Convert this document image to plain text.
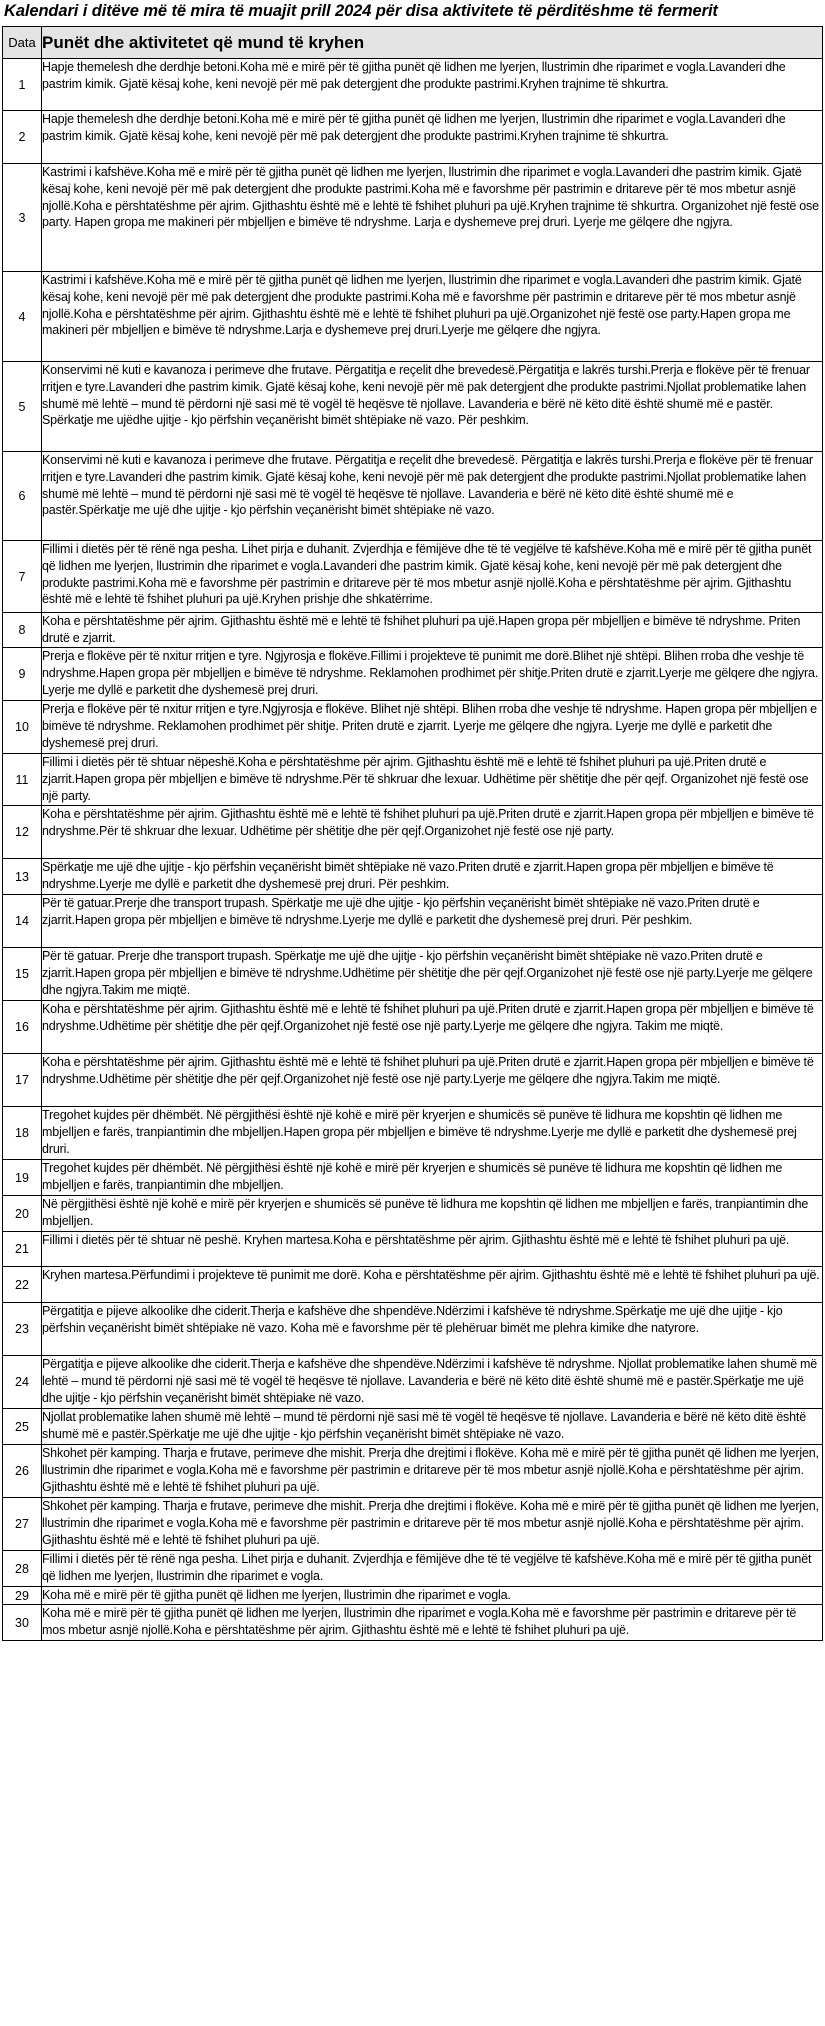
Kalendari i ditëve më të mira të muajit prill 2024 për disa aktivitete të përditëshme të fermerit
Data	Punët dhe aktivitetet që mund të kryhen
1	Hapje themelesh dhe derdhje betoni.Koha më e mirë për të gjitha punët që lidhen me lyerjen, llustrimin dhe riparimet e vogla.Lavanderi dhe pastrim kimik. Gjatë kësaj kohe, keni nevojë për më pak detergjent dhe produkte pastrimi.Kryhen trajnime të shkurtra.
2	Hapje themelesh dhe derdhje betoni.Koha më e mirë për të gjitha punët që lidhen me lyerjen, llustrimin dhe riparimet e vogla.Lavanderi dhe pastrim kimik. Gjatë kësaj kohe, keni nevojë për më pak detergjent dhe produkte pastrimi.Kryhen trajnime të shkurtra.
3	Kastrimi i kafshëve.Koha më e mirë për të gjitha punët që lidhen me lyerjen, llustrimin dhe riparimet e vogla.Lavanderi dhe pastrim kimik. Gjatë kësaj kohe, keni nevojë për më pak detergjent dhe produkte pastrimi.Koha më e favorshme për pastrimin e dritareve për të mos mbetur asnjë njollë.Koha e përshtatëshme për ajrim. Gjithashtu është më e lehtë të fshihet pluhuri pa ujë.Kryhen trajnime të shkurtra. Organizohet një festë ose party. Hapen gropa me makineri për mbjelljen e bimëve të ndryshme. Larja e dyshemeve prej druri. Lyerje me gëlqere dhe ngjyra.
4	Kastrimi i kafshëve.Koha më e mirë për të gjitha punët që lidhen me lyerjen, llustrimin dhe riparimet e vogla.Lavanderi dhe pastrim kimik. Gjatë kësaj kohe, keni nevojë për më pak detergjent dhe produkte pastrimi.Koha më e favorshme për pastrimin e dritareve për të mos mbetur asnjë njollë.Koha e përshtatëshme për ajrim. Gjithashtu është më e lehtë të fshihet pluhuri pa ujë.Organizohet një festë ose party.Hapen gropa me makineri për mbjelljen e bimëve të ndryshme.Larja e dyshemeve prej druri.Lyerje me gëlqere dhe ngjyra.
5	Konservimi në kuti e kavanoza i perimeve dhe frutave. Përgatitja e reçelit dhe brevedesë.Përgatitja e lakrës turshi.Prerja e flokëve për të frenuar rritjen e tyre.Lavanderi dhe pastrim kimik. Gjatë kësaj kohe, keni nevojë për më pak detergjent dhe produkte pastrimi.Njollat problematike lahen shumë më lehtë – mund të përdorni një sasi më të vogël të heqësve të njollave. Lavanderia e bërë në këto ditë është shumë më e pastër. Spërkatje me ujëdhe ujitje - kjo përfshin veçanërisht bimët shtëpiake në vazo. Për peshkim.
6	Konservimi në kuti e kavanoza i perimeve dhe frutave. Përgatitja e reçelit dhe brevedesë. Përgatitja e lakrës turshi.Prerja e flokëve për të frenuar rritjen e tyre.Lavanderi dhe pastrim kimik. Gjatë kësaj kohe, keni nevojë për më pak detergjent dhe produkte pastrimi.Njollat problematike lahen shumë më lehtë – mund të përdorni një sasi më të vogël të heqësve të njollave. Lavanderia e bërë në këto ditë është shumë më e pastër.Spërkatje me ujë dhe ujitje - kjo përfshin veçanërisht bimët shtëpiake në vazo.
7	Fillimi i dietës për të rënë nga pesha. Lihet pirja e duhanit. Zvjerdhja e fëmijëve dhe të të vegjëlve të kafshëve.Koha më e mirë për të gjitha punët që lidhen me lyerjen, llustrimin dhe riparimet e vogla.Lavanderi dhe pastrim kimik. Gjatë kësaj kohe, keni nevojë për më pak detergjent dhe produkte pastrimi.Koha më e favorshme për pastrimin e dritareve për të mos mbetur asnjë njollë.Koha e përshtatëshme për ajrim. Gjithashtu është më e lehtë të fshihet pluhuri pa ujë.Kryhen prishje dhe shkatërrime.
8	Koha e përshtatëshme për ajrim. Gjithashtu është më e lehtë të fshihet pluhuri pa ujë.Hapen gropa për mbjelljen e bimëve të ndryshme. Priten drutë e zjarrit.
9	Prerja e flokëve për të nxitur rritjen e tyre. Ngjyrosja e flokëve.Fillimi i projekteve të punimit me dorë.Blihet një shtëpi. Blihen rroba dhe veshje të ndryshme.Hapen gropa për mbjelljen e bimëve të ndryshme. Reklamohen prodhimet për shitje.Priten drutë e zjarrit.Lyerje me gëlqere dhe ngjyra. Lyerje me dyllë e parketit dhe dyshemesë prej druri.
10	Prerja e flokëve për të nxitur rritjen e tyre.Ngjyrosja e flokëve. Blihet një shtëpi. Blihen rroba dhe veshje të ndryshme. Hapen gropa për mbjelljen e bimëve të ndryshme. Reklamohen prodhimet për shitje. Priten drutë e zjarrit. Lyerje me gëlqere dhe ngjyra. Lyerje me dyllë e parketit dhe dyshemesë prej druri.
11	Fillimi i dietës për të shtuar nëpeshë.Koha e përshtatëshme për ajrim. Gjithashtu është më e lehtë të fshihet pluhuri pa ujë.Priten drutë e zjarrit.Hapen gropa për mbjelljen e bimëve të ndryshme.Për të shkruar dhe lexuar. Udhëtime për shëtitje dhe për qejf. Organizohet një festë ose një party.
12	Koha e përshtatëshme për ajrim. Gjithashtu është më e lehtë të fshihet pluhuri pa ujë.Priten drutë e zjarrit.Hapen gropa për mbjelljen e bimëve të ndryshme.Për të shkruar dhe lexuar. Udhëtime për shëtitje dhe për qejf.Organizohet një festë ose një party.
13	Spërkatje me ujë dhe ujitje - kjo përfshin veçanërisht bimët shtëpiake në vazo.Priten drutë e zjarrit.Hapen gropa për mbjelljen e bimëve të ndryshme.Lyerje me dyllë e parketit dhe dyshemesë prej druri. Për peshkim.
14	Për të gatuar.Prerje dhe transport trupash. Spërkatje me ujë dhe ujitje - kjo përfshin veçanërisht bimët shtëpiake në vazo.Priten drutë e zjarrit.Hapen gropa për mbjelljen e bimëve të ndryshme.Lyerje me dyllë e parketit dhe dyshemesë prej druri. Për peshkim.
15	Për të gatuar. Prerje dhe transport trupash. Spërkatje me ujë dhe ujitje - kjo përfshin veçanërisht bimët shtëpiake në vazo.Priten drutë e zjarrit.Hapen gropa për mbjelljen e bimëve të ndryshme.Udhëtime për shëtitje dhe për qejf.Organizohet një festë ose një party.Lyerje me gëlqere dhe ngjyra.Takim me miqtë.
16	Koha e përshtatëshme për ajrim. Gjithashtu është më e lehtë të fshihet pluhuri pa ujë.Priten drutë e zjarrit.Hapen gropa për mbjelljen e bimëve të ndryshme.Udhëtime për shëtitje dhe për qejf.Organizohet një festë ose një party.Lyerje me gëlqere dhe ngjyra. Takim me miqtë.
17	Koha e përshtatëshme për ajrim. Gjithashtu është më e lehtë të fshihet pluhuri pa ujë.Priten drutë e zjarrit.Hapen gropa për mbjelljen e bimëve të ndryshme.Udhëtime për shëtitje dhe për qejf.Organizohet një festë ose një party.Lyerje me gëlqere dhe ngjyra.Takim me miqtë.
18	Tregohet kujdes për dhëmbët. Në përgjithësi është një kohë e mirë për kryerjen e shumicës së punëve të lidhura me kopshtin që lidhen me mbjelljen e farës, tranpiantimin dhe mbjelljen.Hapen gropa për mbjelljen e bimëve të ndryshme.Lyerje me dyllë e parketit dhe dyshemesë prej druri.
19	Tregohet kujdes për dhëmbët. Në përgjithësi është një kohë e mirë për kryerjen e shumicës së punëve të lidhura me kopshtin që lidhen me mbjelljen e farës, tranpiantimin dhe mbjelljen.
20	Në përgjithësi është një kohë e mirë për kryerjen e shumicës së punëve të lidhura me kopshtin që lidhen me mbjelljen e farës, tranpiantimin dhe mbjelljen.
21	Fillimi i dietës për të shtuar në peshë. Kryhen martesa.Koha e përshtatëshme për ajrim. Gjithashtu është më e lehtë të fshihet pluhuri pa ujë.
22	Kryhen martesa.Përfundimi i projekteve të punimit me dorë. Koha e përshtatëshme për ajrim. Gjithashtu është më e lehtë të fshihet pluhuri pa ujë.
23	Përgatitja e pijeve alkoolike dhe ciderit.Therja e kafshëve dhe shpendëve.Ndërzimi i kafshëve të ndryshme.Spërkatje me ujë dhe ujitje - kjo përfshin veçanërisht bimët shtëpiake në vazo. Koha më e favorshme për të plehëruar bimët me plehra kimike dhe natyrore.
24	Përgatitja e pijeve alkoolike dhe ciderit.Therja e kafshëve dhe shpendëve.Ndërzimi i kafshëve të ndryshme. Njollat problematike lahen shumë më lehtë – mund të përdorni një sasi më të vogël të heqësve të njollave. Lavanderia e bërë në këto ditë është shumë më e pastër.Spërkatje me ujë dhe ujitje - kjo përfshin veçanërisht bimët shtëpiake në vazo.
25	Njollat problematike lahen shumë më lehtë – mund të përdorni një sasi më të vogël të heqësve të njollave. Lavanderia e bërë në këto ditë është shumë më e pastër.Spërkatje me ujë dhe ujitje - kjo përfshin veçanërisht bimët shtëpiake në vazo.
26	Shkohet për kamping. Tharja e frutave, perimeve dhe mishit. Prerja dhe drejtimi i flokëve. Koha më e mirë për të gjitha punët që lidhen me lyerjen, llustrimin dhe riparimet e vogla.Koha më e favorshme për pastrimin e dritareve për të mos mbetur asnjë njollë.Koha e përshtatëshme për ajrim. Gjithashtu është më e lehtë të fshihet pluhuri pa ujë.
27	Shkohet për kamping. Tharja e frutave, perimeve dhe mishit. Prerja dhe drejtimi i flokëve. Koha më e mirë për të gjitha punët që lidhen me lyerjen, llustrimin dhe riparimet e vogla.Koha më e favorshme për pastrimin e dritareve për të mos mbetur asnjë njollë.Koha e përshtatëshme për ajrim. Gjithashtu është më e lehtë të fshihet pluhuri pa ujë.
28	Fillimi i dietës për të rënë nga pesha. Lihet pirja e duhanit. Zvjerdhja e fëmijëve dhe të të vegjëlve të kafshëve.Koha më e mirë për të gjitha punët që lidhen me lyerjen, llustrimin dhe riparimet e vogla.
29	Koha më e mirë për të gjitha punët që lidhen me lyerjen, llustrimin dhe riparimet e vogla.
30	Koha më e mirë për të gjitha punët që lidhen me lyerjen, llustrimin dhe riparimet e vogla.Koha më e favorshme për pastrimin e dritareve për të mos mbetur asnjë njollë.Koha e përshtatëshme për ajrim. Gjithashtu është më e lehtë të fshihet pluhuri pa ujë.
